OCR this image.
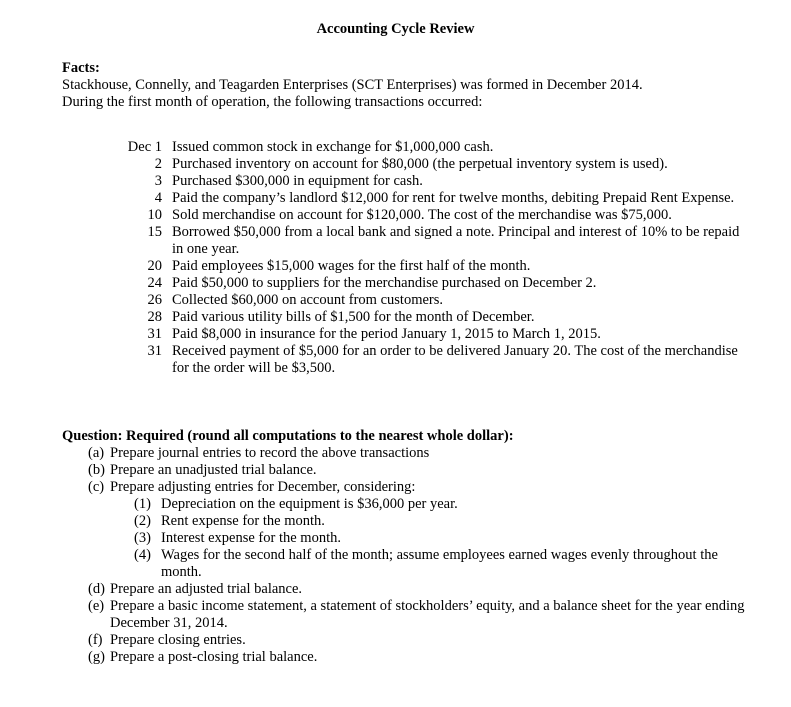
Accounting Cycle Review
Facts:
Stackhouse, Connelly, and Teagarden Enterprises (SCT Enterprises) was formed in December 2014.
During the first month of operation, the following transactions occurred:
Dec 1 Issued common stock in exchange for $1,000,000 cash.
2 Purchased inventory on account for $80,000 (the perpetual inventory system is used).
3 Purchased $300,000 in equipment for cash.
4 Paid the company’s landlord $12,000 for rent for twelve months, debiting Prepaid Rent Expense.
10 Sold merchandise on account for $120,000. The cost of the merchandise was $75,000.
15 Borrowed $50,000 from a local bank and signed a note. Principal and interest of 10% to be repaid in one year.
20 Paid employees $15,000 wages for the first half of the month.
24 Paid $50,000 to suppliers for the merchandise purchased on December 2.
26 Collected $60,000 on account from customers.
28 Paid various utility bills of $1,500 for the month of December.
31 Paid $8,000 in insurance for the period January 1, 2015 to March 1, 2015.
31 Received payment of $5,000 for an order to be delivered January 20. The cost of the merchandise for the order will be $3,500.
Question: Required (round all computations to the nearest whole dollar):
(a) Prepare journal entries to record the above transactions
(b) Prepare an unadjusted trial balance.
(c) Prepare adjusting entries for December, considering:
(1) Depreciation on the equipment is $36,000 per year.
(2) Rent expense for the month.
(3) Interest expense for the month.
(4) Wages for the second half of the month; assume employees earned wages evenly throughout the month.
(d) Prepare an adjusted trial balance.
(e) Prepare a basic income statement, a statement of stockholders’ equity, and a balance sheet for the year ending December 31, 2014.
(f) Prepare closing entries.
(g) Prepare a post-closing trial balance.
